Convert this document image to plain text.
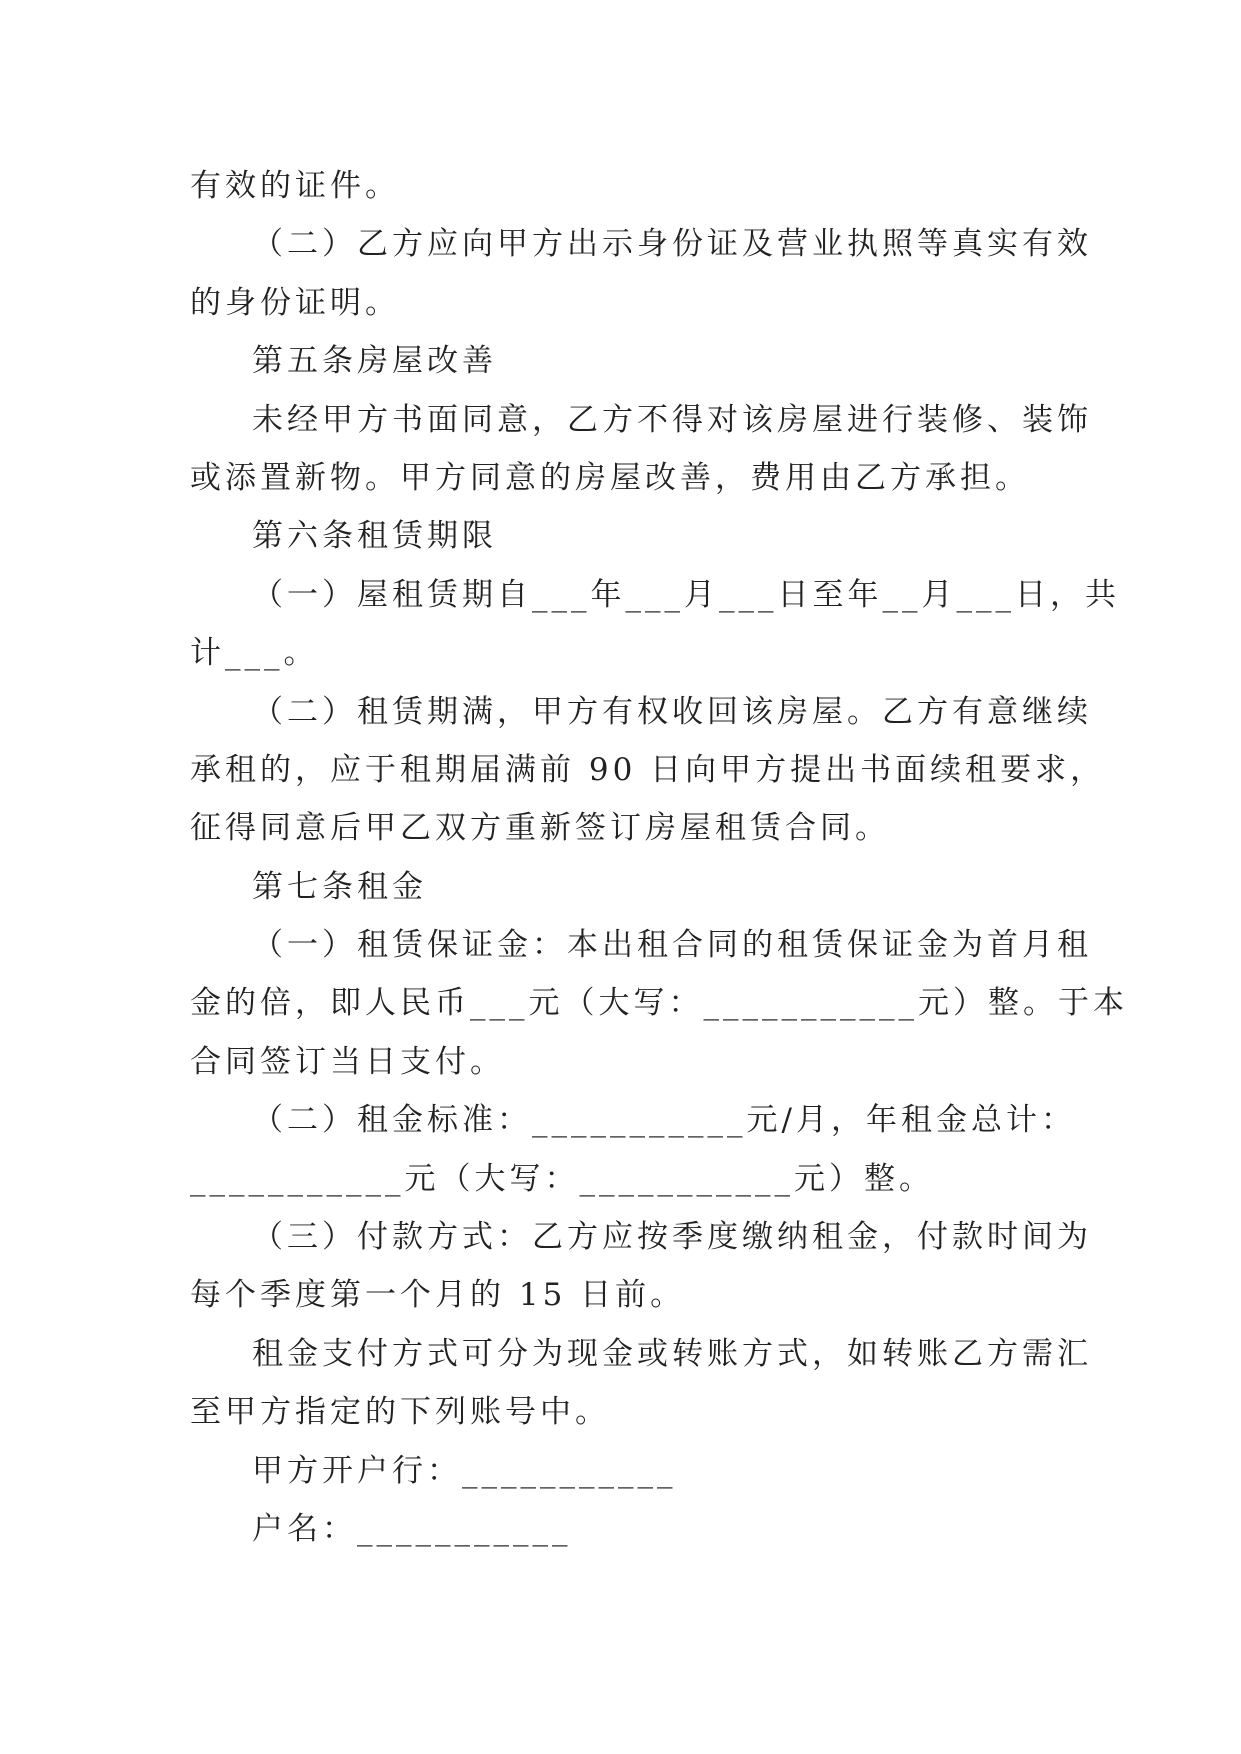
有效的证件。
（二）乙方应向甲方出示身份证及营业执照等真实有效
的身份证明。
第五条房屋改善
未经甲方书面同意，乙方不得对该房屋进行装修、装饰
或添置新物。甲方同意的房屋改善，费用由乙方承担。
第六条租赁期限
（一）屋租赁期自___年___月___日至年__月___日，共
计___。
（二）租赁期满，甲方有权收回该房屋。乙方有意继续
承租的，应于租期届满前 90 日向甲方提出书面续租要求，
征得同意后甲乙双方重新签订房屋租赁合同。
第七条租金
（一）租赁保证金：本出租合同的租赁保证金为首月租
金的倍，即人民币___元（大写：___________元）整。于本
合同签订当日支付。
（二）租金标准：___________元/月，年租金总计：
___________元（大写：___________元）整。
（三）付款方式：乙方应按季度缴纳租金，付款时间为
每个季度第一个月的 15 日前。
租金支付方式可分为现金或转账方式，如转账乙方需汇
至甲方指定的下列账号中。
甲方开户行：___________
户名：___________
